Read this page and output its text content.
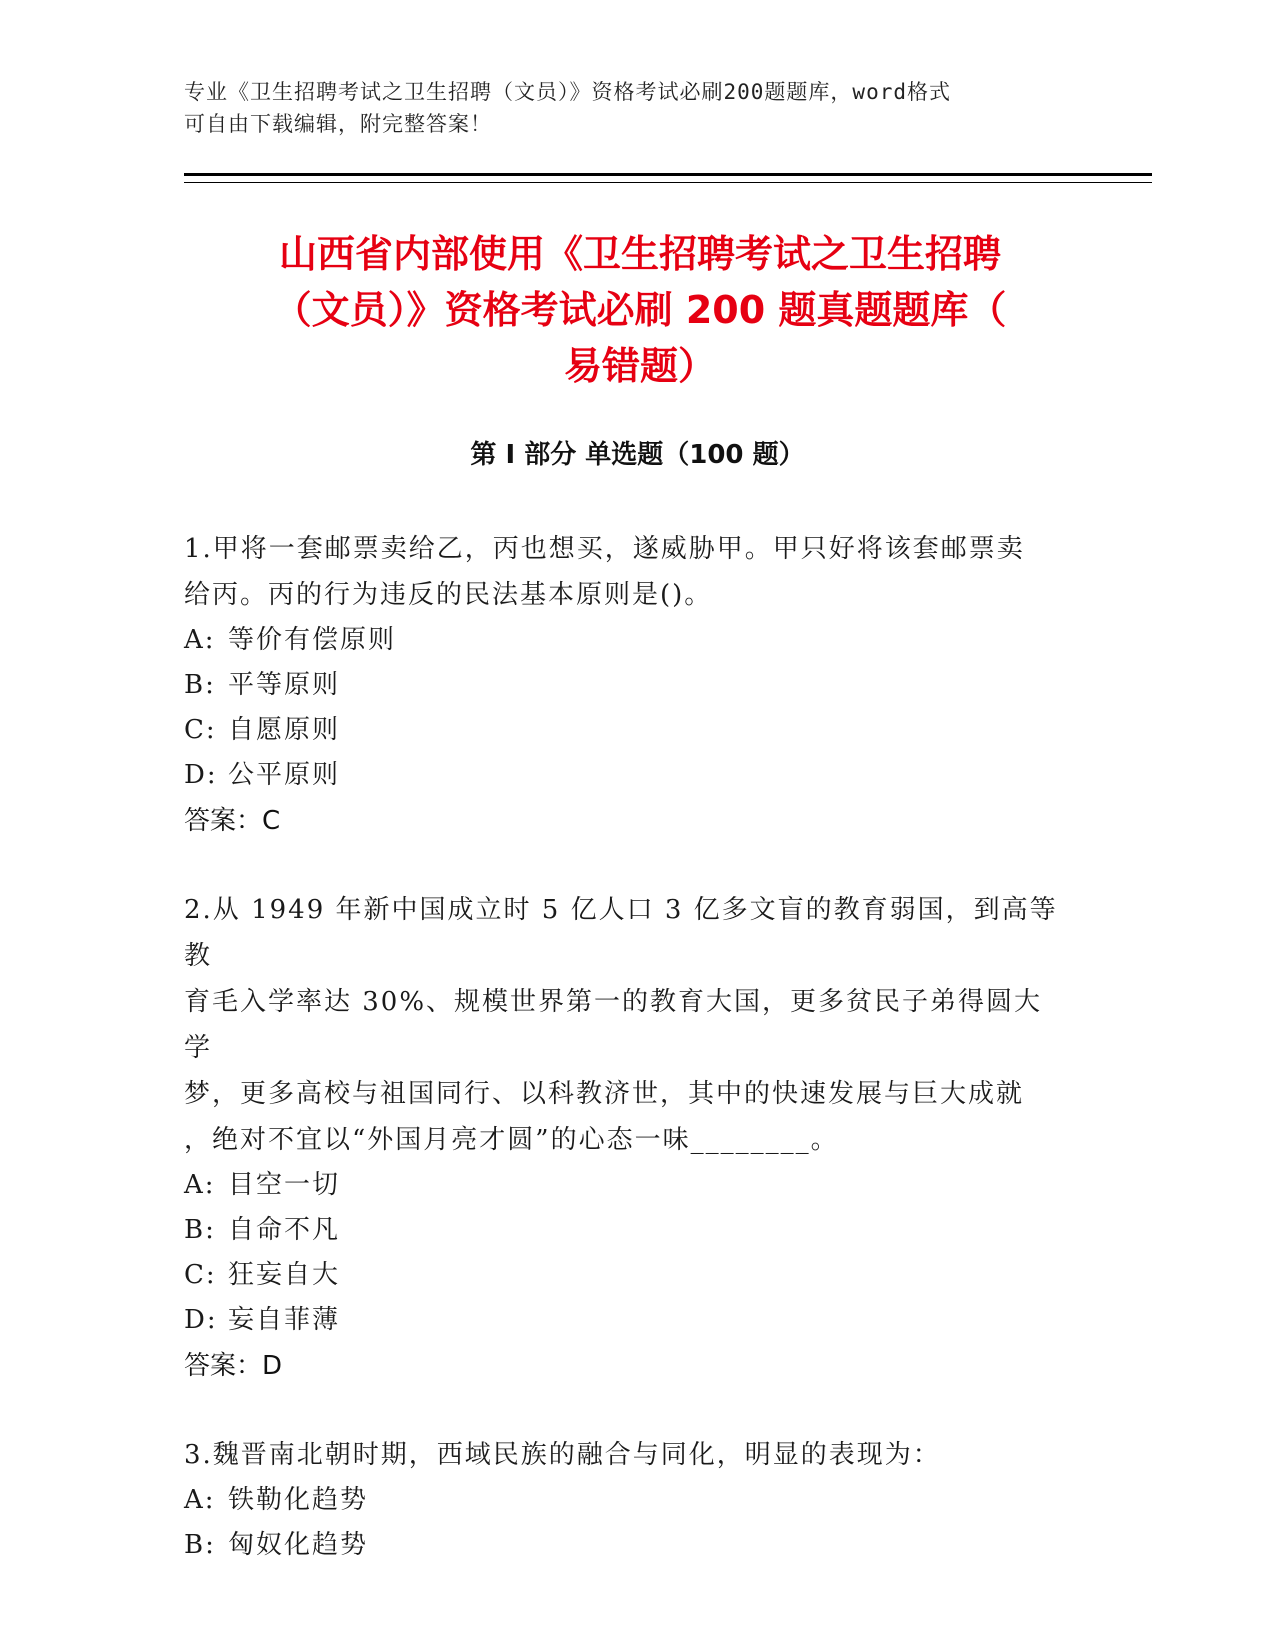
专业《卫生招聘考试之卫生招聘（文员）》资格考试必刷200题题库，word格式
可自由下载编辑，附完整答案！
山西省内部使用《卫生招聘考试之卫生招聘
（文员）》资格考试必刷 200 题真题题库（
易错题）
第 I 部分 单选题（100 题）
1.甲将一套邮票卖给乙，丙也想买，遂威胁甲。甲只好将该套邮票卖
给丙。丙的行为违反的民法基本原则是()。
A: 等价有偿原则
B: 平等原则
C: 自愿原则
D: 公平原则
答案：C
2.从 1949 年新中国成立时 5 亿人口 3 亿多文盲的教育弱国，到高等教
育毛入学率达 30%、规模世界第一的教育大国，更多贫民子弟得圆大学
梦，更多高校与祖国同行、以科教济世，其中的快速发展与巨大成就
，绝对不宜以“外国月亮才圆”的心态一味________。
A: 目空一切
B: 自命不凡
C: 狂妄自大
D: 妄自菲薄
答案：D
3.魏晋南北朝时期，西域民族的融合与同化，明显的表现为：
A: 铁勒化趋势
B: 匈奴化趋势
